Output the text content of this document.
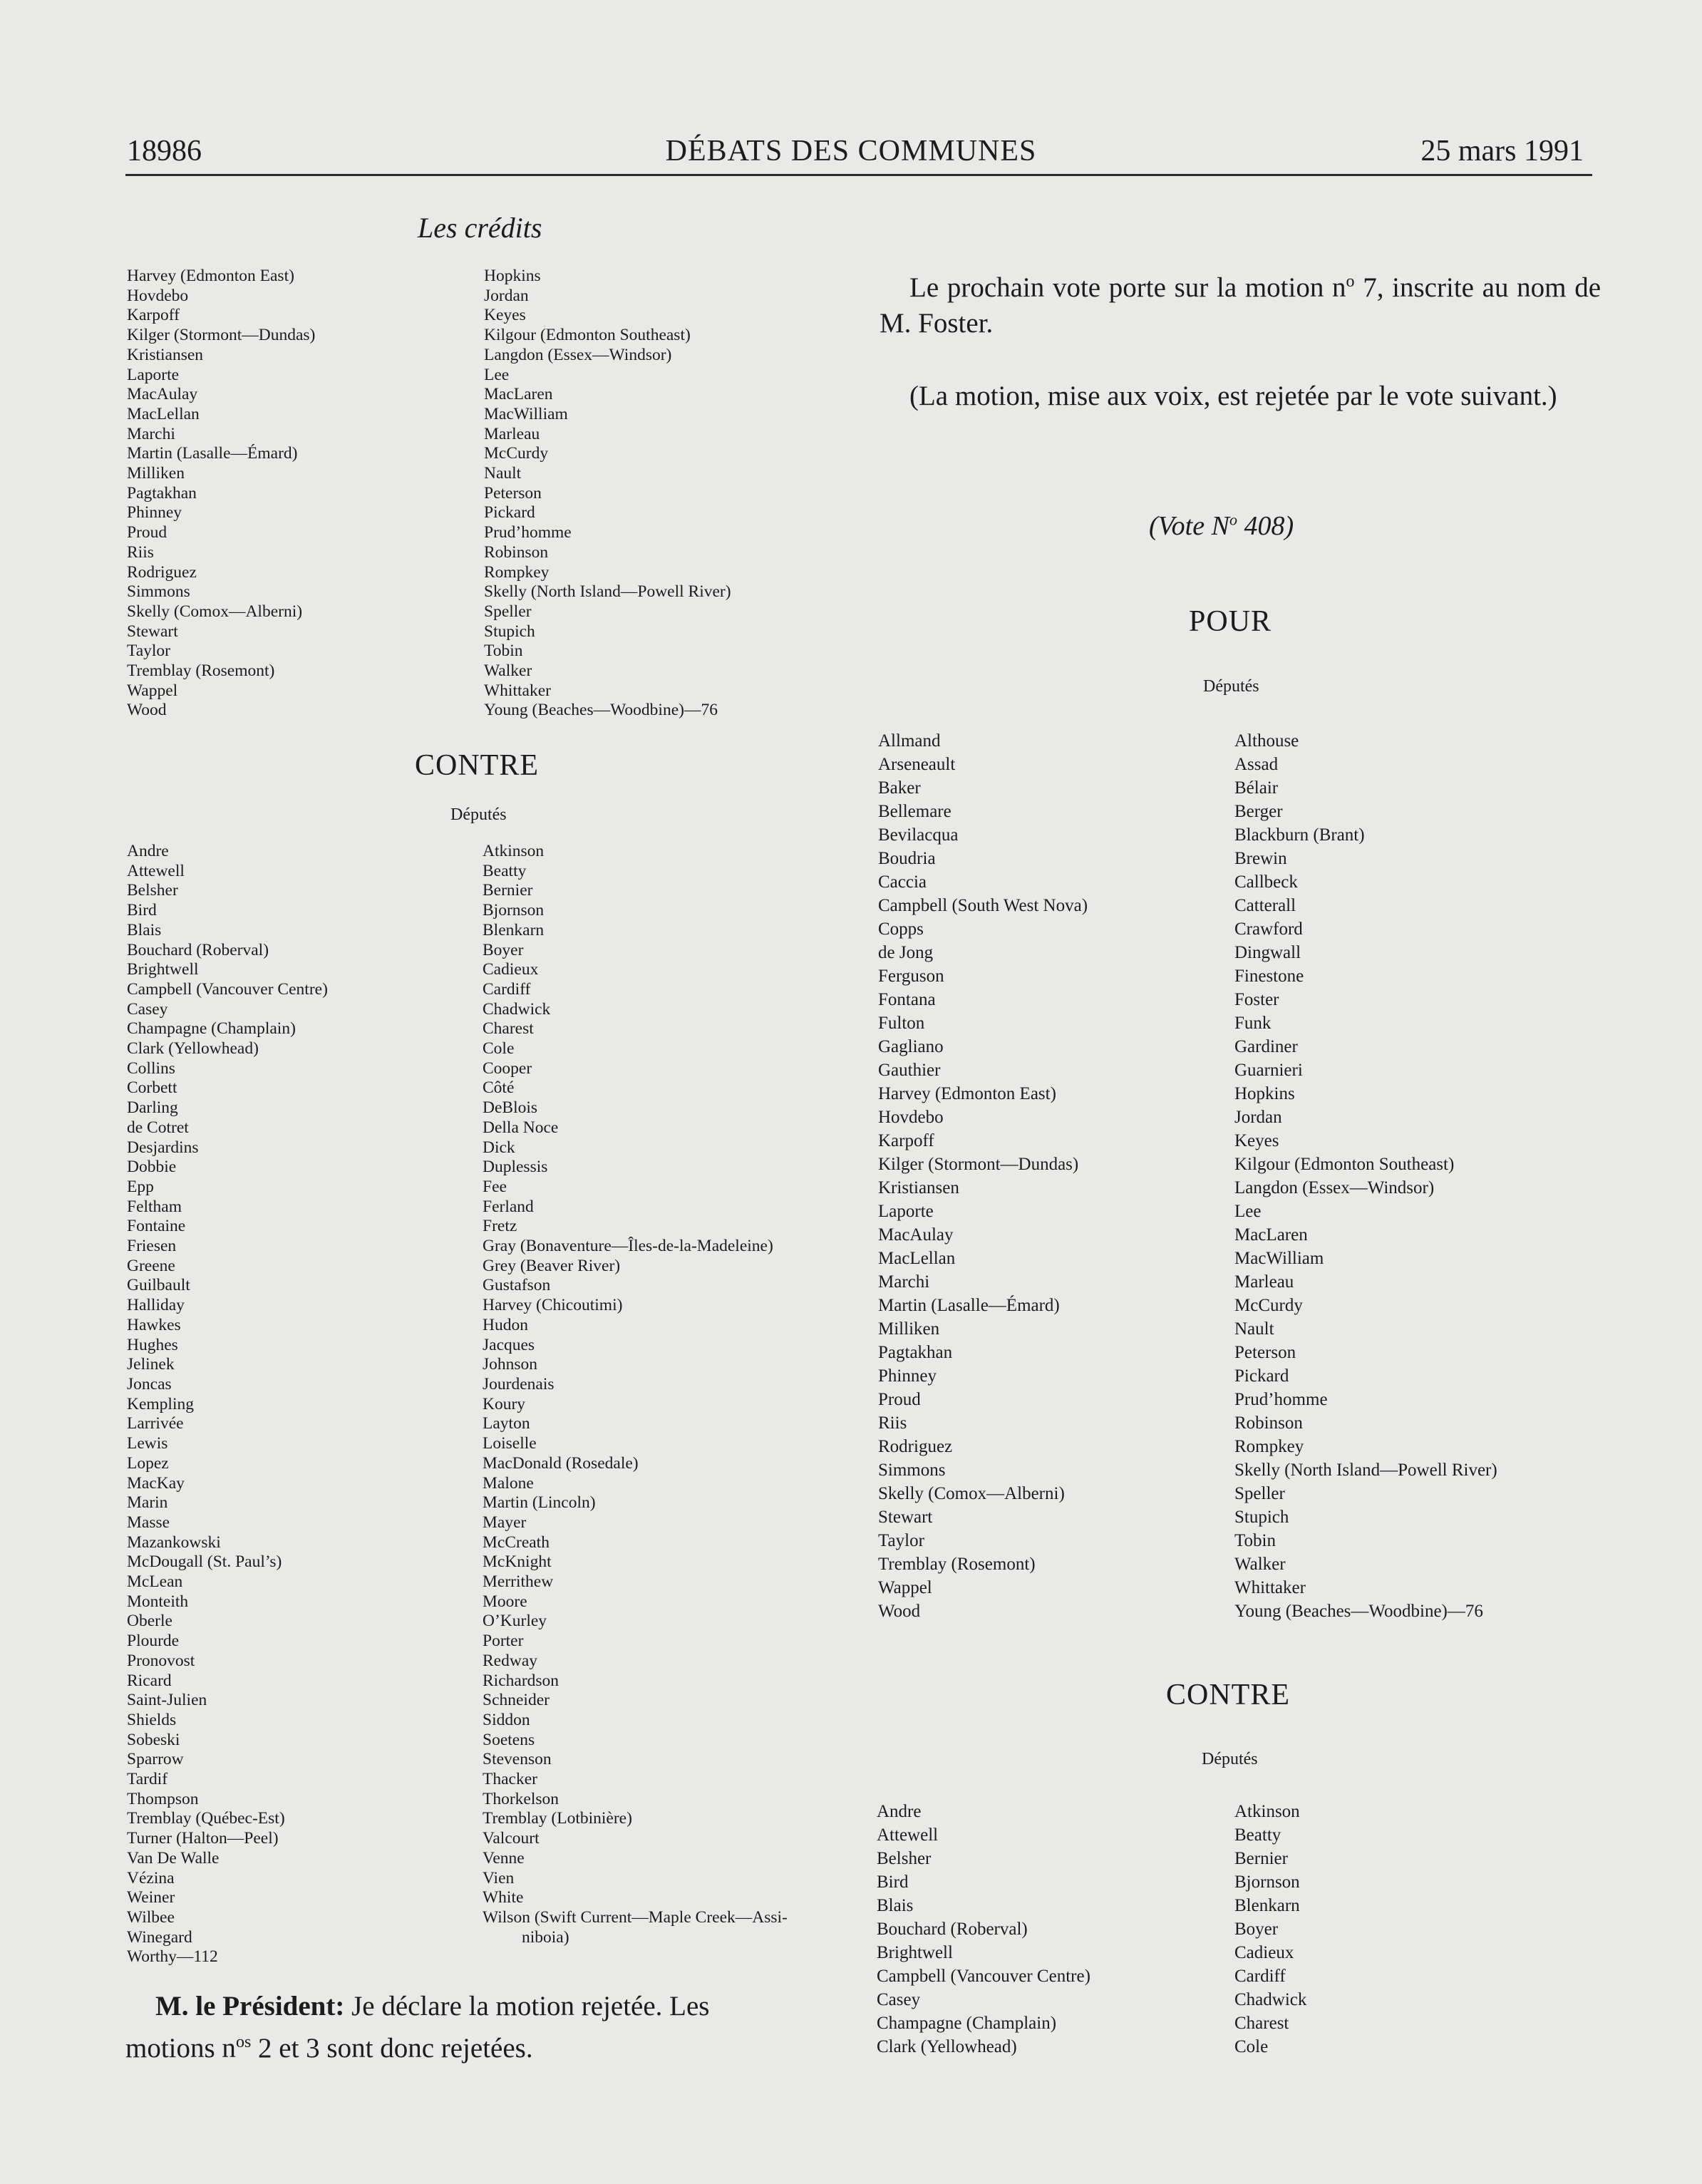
18986	DÉBATS DES COMMUNES	25 mars 1991
Les crédits
Harvey (Edmonton East)
Hovdebo
Karpoff
Kilger (Stormont—Dundas)
Kristiansen
Laporte
MacAulay
MacLellan
Marchi
Martin (Lasalle—Émard)
Milliken
Pagtakhan
Phinney
Proud
Riis
Rodriguez
Simmons
Skelly (Comox—Alberni)
Stewart
Taylor
Tremblay (Rosemont)
Wappel
Wood
Hopkins
Jordan
Keyes
Kilgour (Edmonton Southeast)
Langdon (Essex—Windsor)
Lee
MacLaren
MacWilliam
Marleau
McCurdy
Nault
Peterson
Pickard
Prud’homme
Robinson
Rompkey
Skelly (North Island—Powell River)
Speller
Stupich
Tobin
Walker
Whittaker
Young (Beaches—Woodbine)—76
CONTRE
Députés
Andre
Attewell
Belsher
Bird
Blais
Bouchard (Roberval)
Brightwell
Campbell (Vancouver Centre)
Casey
Champagne (Champlain)
Clark (Yellowhead)
Collins
Corbett
Darling
de Cotret
Desjardins
Dobbie
Epp
Feltham
Fontaine
Friesen
Greene
Guilbault
Halliday
Hawkes
Hughes
Jelinek
Joncas
Kempling
Larrivée
Lewis
Lopez
MacKay
Marin
Masse
Mazankowski
McDougall (St. Paul’s)
McLean
Monteith
Oberle
Plourde
Pronovost
Ricard
Saint-Julien
Shields
Sobeski
Sparrow
Tardif
Thompson
Tremblay (Québec-Est)
Turner (Halton—Peel)
Van De Walle
Vézina
Weiner
Wilbee
Winegard
Worthy—112
Atkinson
Beatty
Bernier
Bjornson
Blenkarn
Boyer
Cadieux
Cardiff
Chadwick
Charest
Cole
Cooper
Côté
DeBlois
Della Noce
Dick
Duplessis
Fee
Ferland
Fretz
Gray (Bonaventure—Îles-de-la-Madeleine)
Grey (Beaver River)
Gustafson
Harvey (Chicoutimi)
Hudon
Jacques
Johnson
Jourdenais
Koury
Layton
Loiselle
MacDonald (Rosedale)
Malone
Martin (Lincoln)
Mayer
McCreath
McKnight
Merrithew
Moore
O’Kurley
Porter
Redway
Richardson
Schneider
Siddon
Soetens
Stevenson
Thacker
Thorkelson
Tremblay (Lotbinière)
Valcourt
Venne
Vien
White
Wilson (Swift Current—Maple Creek—Assi-
niboia)
M. le Président: Je déclare la motion rejetée. Les
motions $n^{os}$ 2 et 3 sont donc rejetées.
Le prochain vote porte sur la motion $n^o$ 7, inscrite au nom de M. Foster.
(La motion, mise aux voix, est rejetée par le vote suivant.)
(Vote $N^o$ 408)
POUR
Députés
Allmand
Arseneault
Baker
Bellemare
Bevilacqua
Boudria
Caccia
Campbell (South West Nova)
Copps
de Jong
Ferguson
Fontana
Fulton
Gagliano
Gauthier
Harvey (Edmonton East)
Hovdebo
Karpoff
Kilger (Stormont—Dundas)
Kristiansen
Laporte
MacAulay
MacLellan
Marchi
Martin (Lasalle—Émard)
Milliken
Pagtakhan
Phinney
Proud
Riis
Rodriguez
Simmons
Skelly (Comox—Alberni)
Stewart
Taylor
Tremblay (Rosemont)
Wappel
Wood
Althouse
Assad
Bélair
Berger
Blackburn (Brant)
Brewin
Callbeck
Catterall
Crawford
Dingwall
Finestone
Foster
Funk
Gardiner
Guarnieri
Hopkins
Jordan
Keyes
Kilgour (Edmonton Southeast)
Langdon (Essex—Windsor)
Lee
MacLaren
MacWilliam
Marleau
McCurdy
Nault
Peterson
Pickard
Prud’homme
Robinson
Rompkey
Skelly (North Island—Powell River)
Speller
Stupich
Tobin
Walker
Whittaker
Young (Beaches—Woodbine)—76
CONTRE
Députés
Andre
Attewell
Belsher
Bird
Blais
Bouchard (Roberval)
Brightwell
Campbell (Vancouver Centre)
Casey
Champagne (Champlain)
Clark (Yellowhead)
Atkinson
Beatty
Bernier
Bjornson
Blenkarn
Boyer
Cadieux
Cardiff
Chadwick
Charest
Cole
